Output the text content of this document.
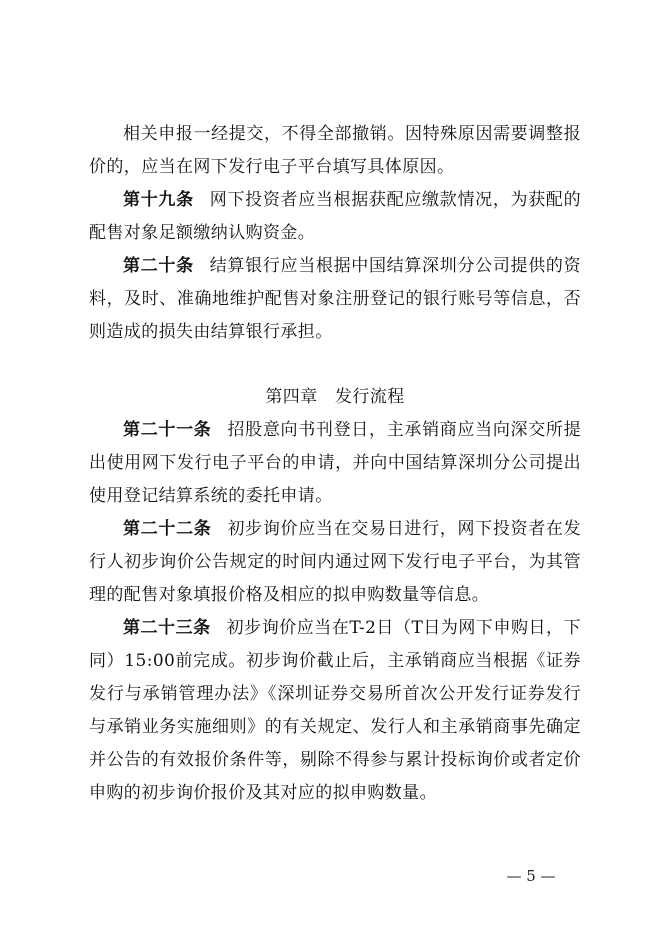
相关申报一经提交，不得全部撤销。因特殊原因需要调整报价的，应当在网下发行电子平台填写具体原因。

第十九条 网下投资者应当根据获配应缴款情况，为获配的配售对象足额缴纳认购资金。

第二十条 结算银行应当根据中国结算深圳分公司提供的资料，及时、准确地维护配售对象注册登记的银行账号等信息，否则造成的损失由结算银行承担。

第四章　发行流程

第二十一条 招股意向书刊登日，主承销商应当向深交所提出使用网下发行电子平台的申请，并向中国结算深圳分公司提出使用登记结算系统的委托申请。

第二十二条 初步询价应当在交易日进行，网下投资者在发行人初步询价公告规定的时间内通过网下发行电子平台，为其管理的配售对象填报价格及相应的拟申购数量等信息。

第二十三条 初步询价应当在T-2日（T日为网下申购日，下同）15:00前完成。初步询价截止后，主承销商应当根据《证券发行与承销管理办法》《深圳证券交易所首次公开发行证券发行与承销业务实施细则》的有关规定、发行人和主承销商事先确定并公告的有效报价条件等，剔除不得参与累计投标询价或者定价申购的初步询价报价及其对应的拟申购数量。

— 5 —
